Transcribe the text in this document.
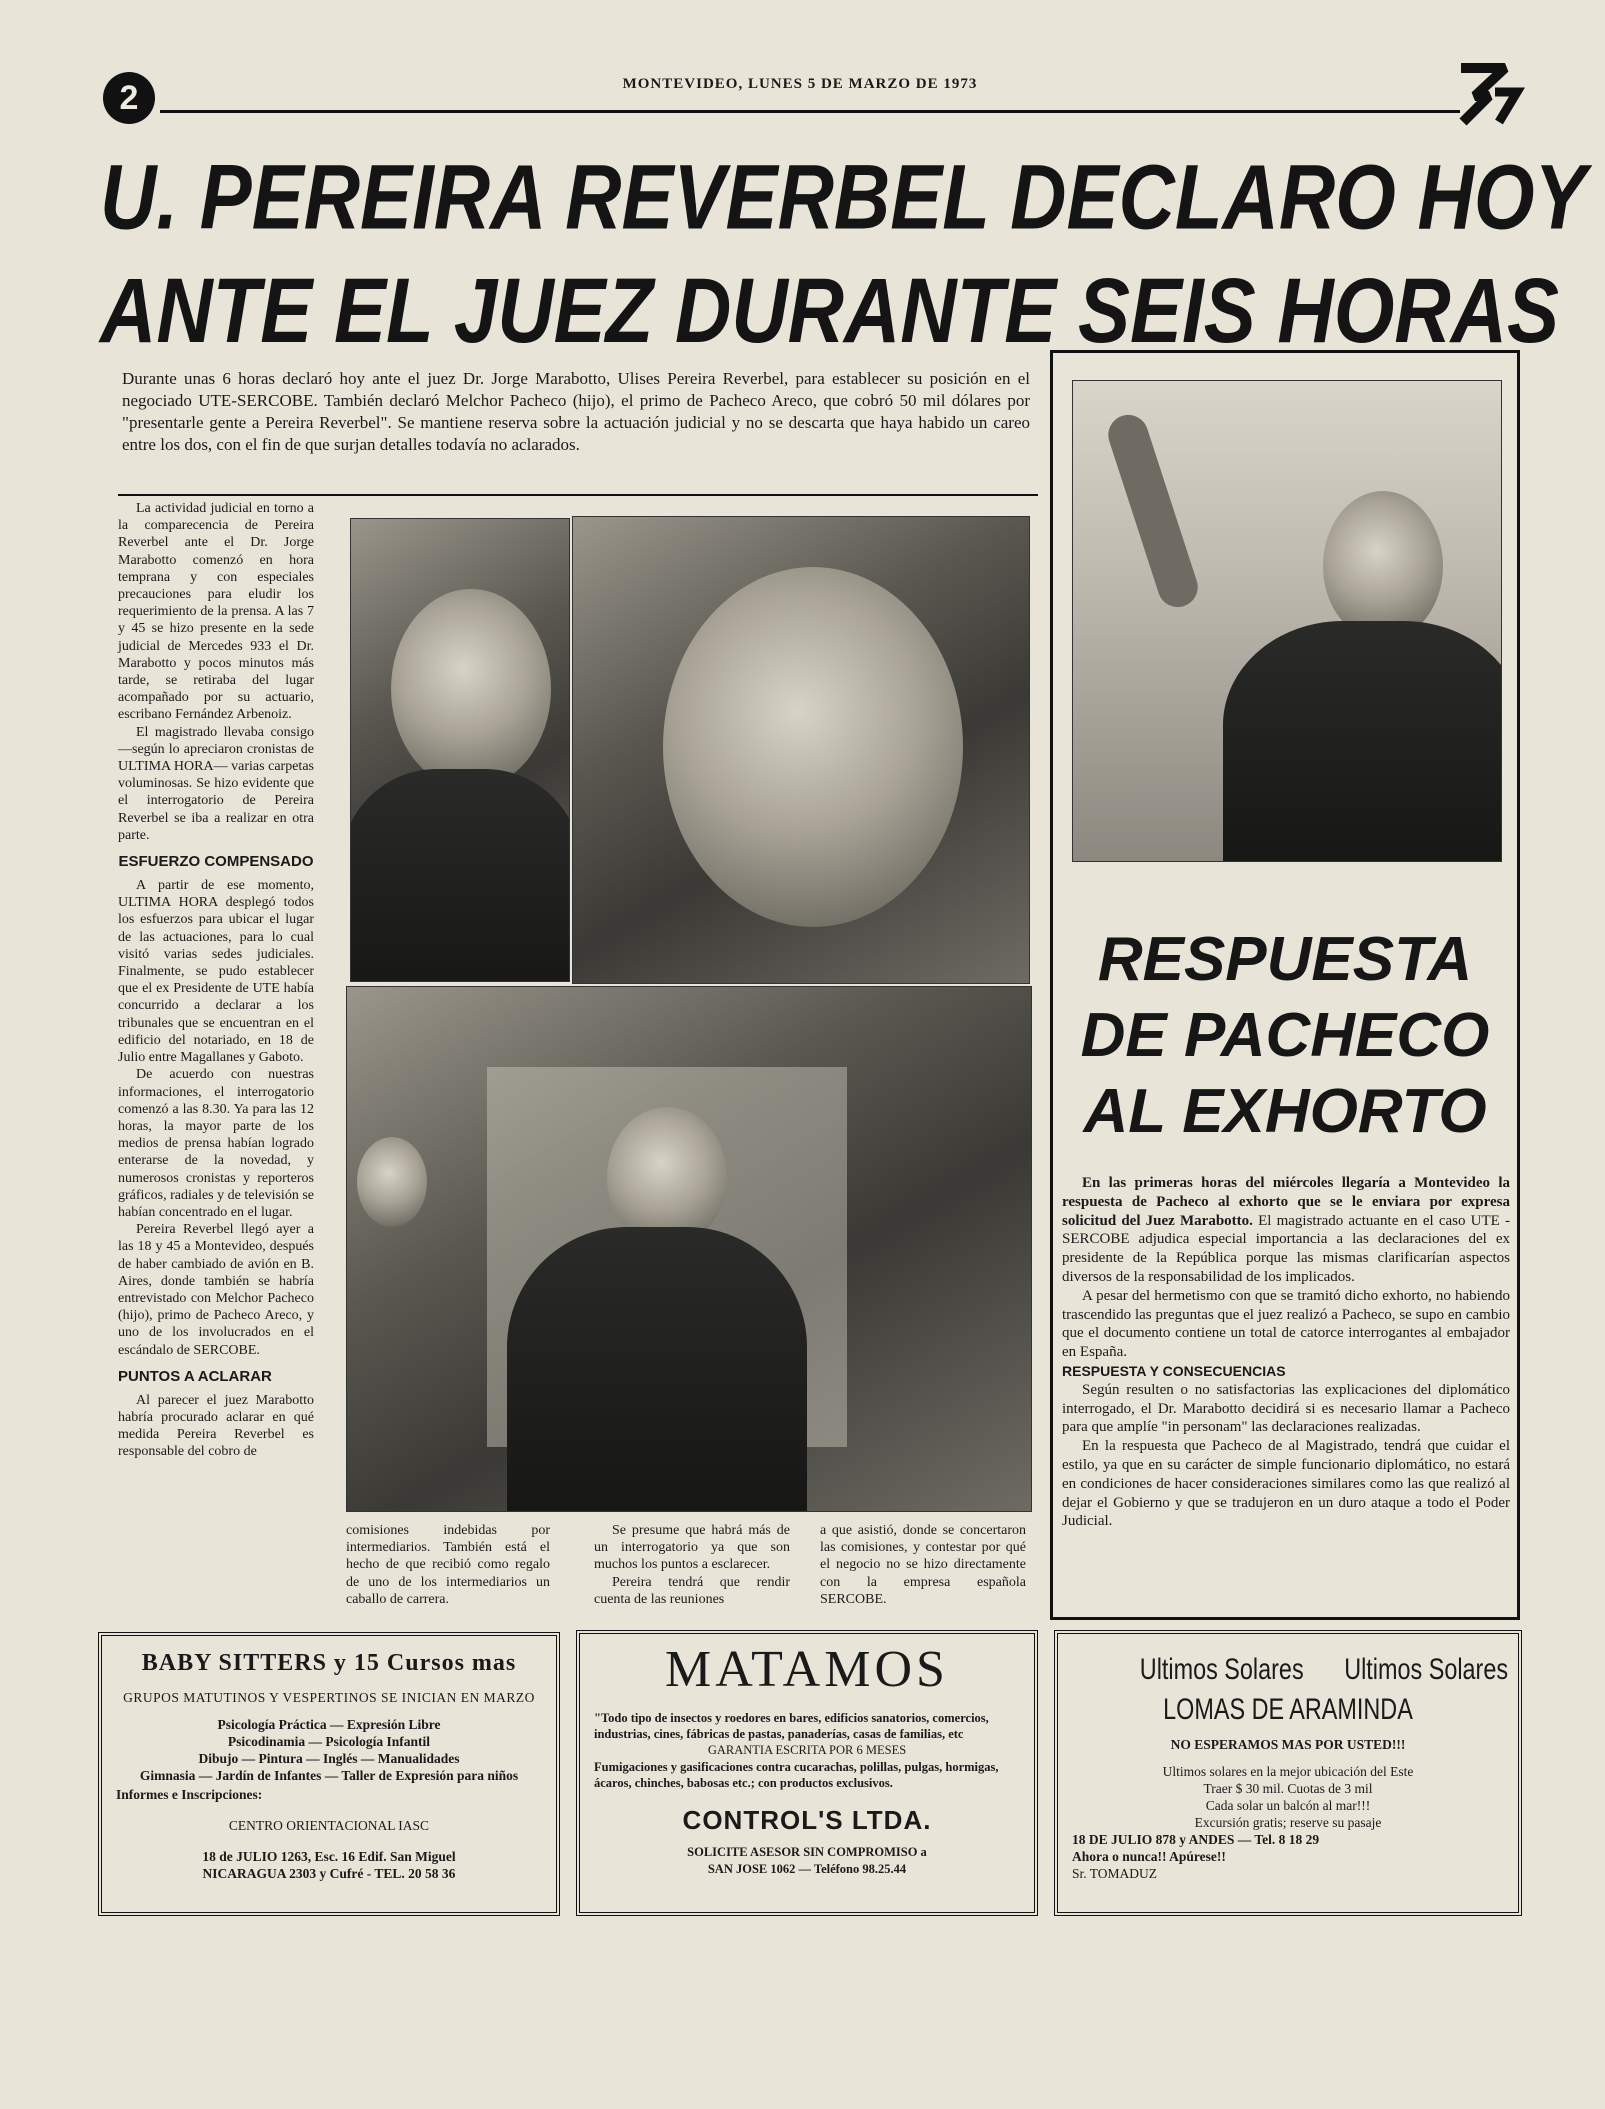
2	MONTEVIDEO, LUNES 5 DE MARZO DE 1973
U. PEREIRA REVERBEL DECLARO HOY
ANTE EL JUEZ DURANTE SEIS HORAS
Durante unas 6 horas declaró hoy ante el juez Dr. Jorge Marabotto, Ulises Pereira Reverbel, para establecer su posición en el negociado UTE-SERCOBE. También declaró Melchor Pacheco (hijo), el primo de Pacheco Areco, que cobró 50 mil dólares por "presentarle gente a Pereira Reverbel". Se mantiene reserva sobre la actuación judicial y no se descarta que haya habido un careo entre los dos, con el fin de que surjan detalles todavía no aclarados.

La actividad judicial en torno a la comparecencia de Pereira Reverbel ante el Dr. Jorge Marabotto comenzó en hora temprana y con especiales precauciones para eludir los requerimiento de la prensa. A las 7 y 45 se hizo presente en la sede judicial de Mercedes 933 el Dr. Marabotto y pocos minutos más tarde, se retiraba del lugar acompañado por su actuario, escribano Fernández Arbenoiz.

El magistrado llevaba consigo —según lo apreciaron cronistas de ULTIMA HORA— varias carpetas voluminosas. Se hizo evidente que el interrogatorio de Pereira Reverbel se iba a realizar en otra parte.

ESFUERZO COMPENSADO

A partir de ese momento, ULTIMA HORA desplegó todos los esfuerzos para ubicar el lugar de las actuaciones, para lo cual visitó varias sedes judiciales. Finalmente, se pudo establecer que el ex Presidente de UTE había concurrido a declarar a los tribunales que se encuentran en el edificio del notariado, en 18 de Julio entre Magallanes y Gaboto.

De acuerdo con nuestras informaciones, el interrogatorio comenzó a las 8.30. Ya para las 12 horas, la mayor parte de los medios de prensa habían logrado enterarse de la novedad, y numerosos cronistas y reporteros gráficos, radiales y de televisión se habían concentrado en el lugar.

Pereira Reverbel llegó ayer a las 18 y 45 a Montevideo, después de haber cambiado de avión en B. Aires, donde también se habría entrevistado con Melchor Pacheco (hijo), primo de Pacheco Areco, y uno de los involucrados en el escándalo de SERCOBE.

PUNTOS A ACLARAR

Al parecer el juez Marabotto habría procurado aclarar en qué medida Pereira Reverbel es responsable del cobro de

comisiones indebidas por intermediarios. También está el hecho de que recibió como regalo de uno de los intermediarios un caballo de carrera.

Se presume que habrá más de un interrogatorio ya que son muchos los puntos a esclarecer.

Pereira tendrá que rendir cuenta de las reuniones

a que asistió, donde se concertaron las comisiones, y contestar por qué el negocio no se hizo directamente con la empresa española SERCOBE.

RESPUESTA
DE PACHECO
AL EXHORTO

En las primeras horas del miércoles llegaría a Montevideo la respuesta de Pacheco al exhorto que se le enviara por expresa solicitud del Juez Marabotto. El magistrado actuante en el caso UTE - SERCOBE adjudica especial importancia a las declaraciones del ex presidente de la República porque las mismas clarificarían aspectos diversos de la responsabilidad de los implicados.

A pesar del hermetismo con que se tramitó dicho exhorto, no habiendo trascendido las preguntas que el juez realizó a Pacheco, se supo en cambio que el documento contiene un total de catorce interrogantes al embajador en España.

RESPUESTA Y CONSECUENCIAS

Según resulten o no satisfactorias las explicaciones del diplomático interrogado, el Dr. Marabotto decidirá si es necesario llamar a Pacheco para que amplíe "in personam" las declaraciones realizadas.

En la respuesta que Pacheco de al Magistrado, tendrá que cuidar el estilo, ya que en su carácter de simple funcionario diplomático, no estará en condiciones de hacer consideraciones similares como las que realizó al dejar el Gobierno y que se tradujeron en un duro ataque a todo el Poder Judicial.

BABY SITTERS y 15 Cursos mas
GRUPOS MATUTINOS Y VESPERTINOS SE INICIAN EN MARZO
Psicología Práctica — Expresión Libre
Psicodinamia — Psicología Infantil
Dibujo — Pintura — Inglés — Manualidades
Gimnasia — Jardín de Infantes — Taller de Expresión para niños
Informes e Inscripciones:
CENTRO ORIENTACIONAL IASC
18 de JULIO 1263, Esc. 16 Edif. San Miguel
NICARAGUA 2303 y Cufré - TEL. 20 58 36
MATAMOS
"Todo tipo de insectos y roedores en bares, edificios sanatorios, comercios, industrias, cines, fábricas de pastas, panaderías, casas de familias, etc
GARANTIA ESCRITA POR 6 MESES
Fumigaciones y gasificaciones contra cucarachas, polillas, pulgas, hormigas, ácaros, chinches, babosas etc.; con productos exclusivos.
CONTROL'S LTDA.
SOLICITE ASESOR SIN COMPROMISO a
SAN JOSE 1062 — Teléfono 98.25.44
Ultimos Solares Ultimos Solares
LOMAS DE ARAMINDA
NO ESPERAMOS MAS POR USTED!!!
Ultimos solares en la mejor ubicación del Este
Traer $ 30 mil. Cuotas de 3 mil
Cada solar un balcón al mar!!!
Excursión gratis; reserve su pasaje
18 DE JULIO 878 y ANDES — Tel. 8 18 29
Ahora o nunca!! Apúrese!!
Sr. TOMADUZ
